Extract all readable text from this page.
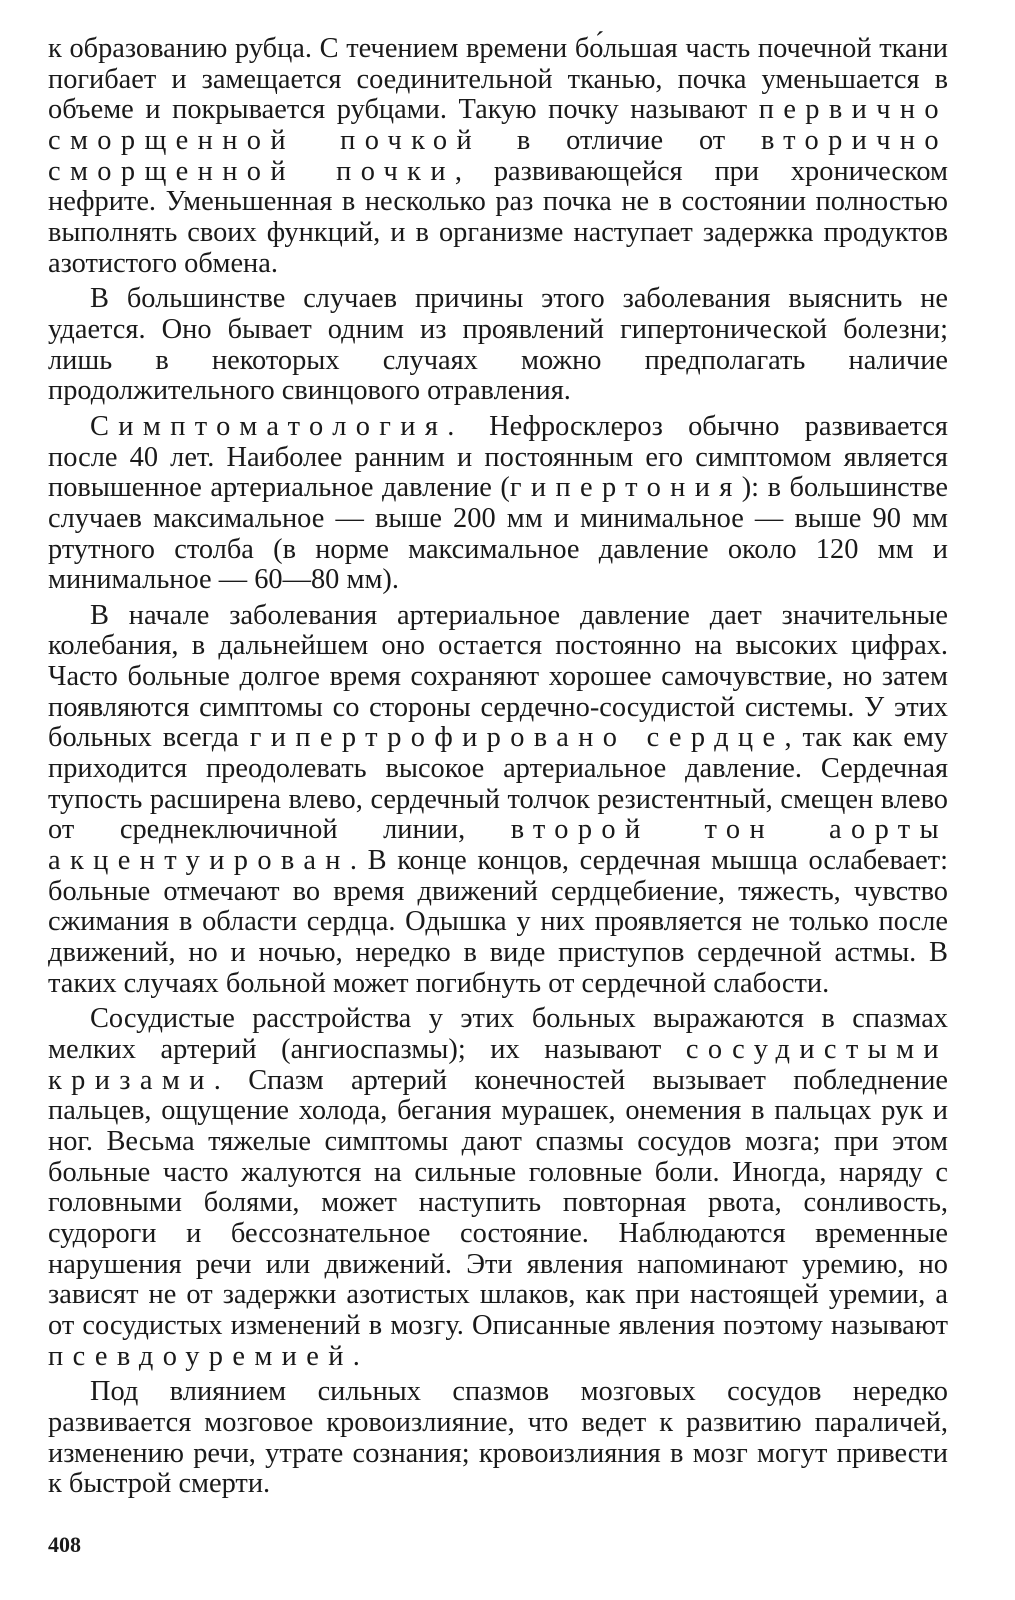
к образованию рубца. С течением времени бо́льшая часть почечной ткани погибает и замещается соединительной тканью, почка уменьшается в объеме и покрывается рубцами. Такую почку называют первично сморщенной почкой в отличие от вторично сморщенной почки, развивающейся при хроническом нефрите. Уменьшенная в несколько раз почка не в состоянии полностью выполнять своих функций, и в организме наступает задержка продуктов азотистого обмена.

В большинстве случаев причины этого заболевания выяснить не удается. Оно бывает одним из проявлений гипертонической болезни; лишь в некоторых случаях можно предполагать наличие продолжительного свинцового отравления.

Симптоматология. Нефросклероз обычно развивается после 40 лет. Наиболее ранним и постоянным его симптомом является повышенное артериальное давление (гипертония): в большинстве случаев максимальное — выше 200 мм и минимальное — выше 90 мм ртутного столба (в норме максимальное давление около 120 мм и минимальное — 60—80 мм).

В начале заболевания артериальное давление дает значительные колебания, в дальнейшем оно остается постоянно на высоких цифрах. Часто больные долгое время сохраняют хорошее самочувствие, но затем появляются симптомы со стороны сердечно-сосудистой системы. У этих больных всегда гипертрофировано сердце, так как ему приходится преодолевать высокое артериальное давление. Сердечная тупость расширена влево, сердечный толчок резистентный, смещен влево от среднеключичной линии, второй тон аорты акцентуирован. В конце концов, сердечная мышца ослабевает: больные отмечают во время движений сердцебиение, тяжесть, чувство сжимания в области сердца. Одышка у них проявляется не только после движений, но и ночью, нередко в виде приступов сердечной астмы. В таких случаях больной может погибнуть от сердечной слабости.

Сосудистые расстройства у этих больных выражаются в спазмах мелких артерий (ангиоспазмы); их называют сосудистыми кризами. Спазм артерий конечностей вызывает побледнение пальцев, ощущение холода, бегания мурашек, онемения в пальцах рук и ног. Весьма тяжелые симптомы дают спазмы сосудов мозга; при этом больные часто жалуются на сильные головные боли. Иногда, наряду с головными болями, может наступить повторная рвота, сонливость, судороги и бессознательное состояние. Наблюдаются временные нарушения речи или движений. Эти явления напоминают уремию, но зависят не от задержки азотистых шлаков, как при настоящей уремии, а от сосудистых изменений в мозгу. Описанные явления поэтому называют псевдоуремией.

Под влиянием сильных спазмов мозговых сосудов нередко развивается мозговое кровоизлияние, что ведет к развитию параличей, изменению речи, утрате сознания; кровоизлияния в мозг могут привести к быстрой смерти.

408
